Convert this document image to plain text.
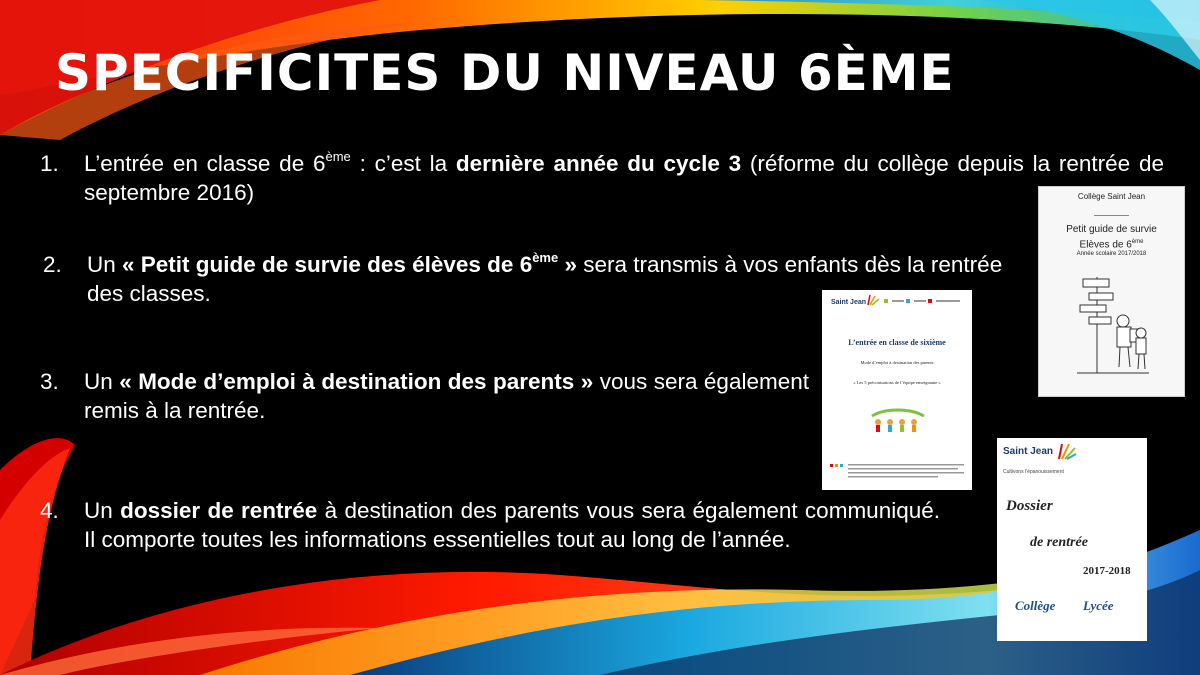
SPECIFICITES DU NIVEAU 6ÈME
1. L’entrée en classe de 6ème : c’est la dernière année du cycle 3 (réforme du collège depuis la rentrée de septembre 2016)
2. Un « Petit guide de survie des élèves de 6ème » sera transmis à vos enfants dès la rentrée des classes.
3. Un « Mode d’emploi à destination des parents » vous sera également remis à la rentrée.
4. Un dossier de rentrée à destination des parents vous sera également communiqué. Il comporte toutes les informations essentielles tout au long de l’année.
Collège Saint Jean
Petit guide de survie
Elèves de 6ème
Année scolaire 2017/2018
Saint Jean
L’entrée en classe de sixième
Mode d’emploi à destination des parents
« Les 5 préconisations de l’équipe enseignante »
Saint Jean
Cultivons l’épanouissement
Dossier
de rentrée
2017-2018
Collège Lycée
